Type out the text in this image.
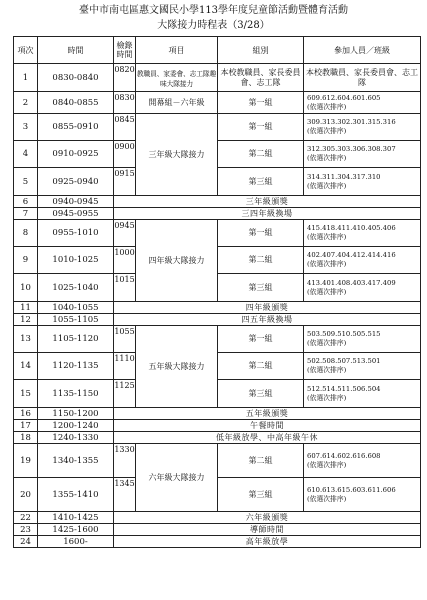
臺中市南屯區惠文國民小學113學年度兒童節活動暨體育活動
大隊接力時程表（3/28）
項次	時間	檢錄時間	項目	組別	參加人員／班級
1	0830-0840	0820	教職員、家委會、志工隊趣味大隊接力	本校教職員、家長委員會、志工隊	本校教職員、家長委員會、志工隊
2	0840-0855	0830	開幕組－六年級	第一組	609.612.604.601.605
(依選次排序)

3	0855-0910	0845	三年級大隊接力	第一組	309.313.302.301.315.316
(依選次排序)

4	0910-0925	0900		第二組	312.305.303.306.308.307
(依選次排序)

5	0925-0940	0915		第三組	314.311.304.317.310
(依選次排序)

6	0940-0945	三年級頒獎			
7	0945-0955	三四年級換場			
8	0955-1010	0945	四年級大隊接力	第一組	415.418.411.410.405.406
(依選次排序)

9	1010-1025	1000		第二組	402.407.404.412.414.416
(依選次排序)

10	1025-1040	1015		第三組	413.401.408.403.417.409
(依選次排序)

11	1040-1055	四年級頒獎			
12	1055-1105	四五年級換場			
13	1105-1120	1055	五年級大隊接力	第一組	503.509.510.505.515
(依選次排序)

14	1120-1135	1110		第二組	502.508.507.513.501
(依選次排序)

15	1135-1150	1125		第三組	512.514.511.506.504
(依選次排序)

16	1150-1200	五年級頒獎			
17	1200-1240	午餐時間			
18	1240-1330	低年級放學、中高年級午休			
19	1340-1355	1330	六年級大隊接力	第二組	607.614.602.616.608
(依選次排序)

20	1355-1410	1345		第三組	610.613.615.603.611.606
(依選次排序)

22	1410-1425	六年級頒獎			
23	1425-1600	導師時間			
24	1600-	高年級放學			
